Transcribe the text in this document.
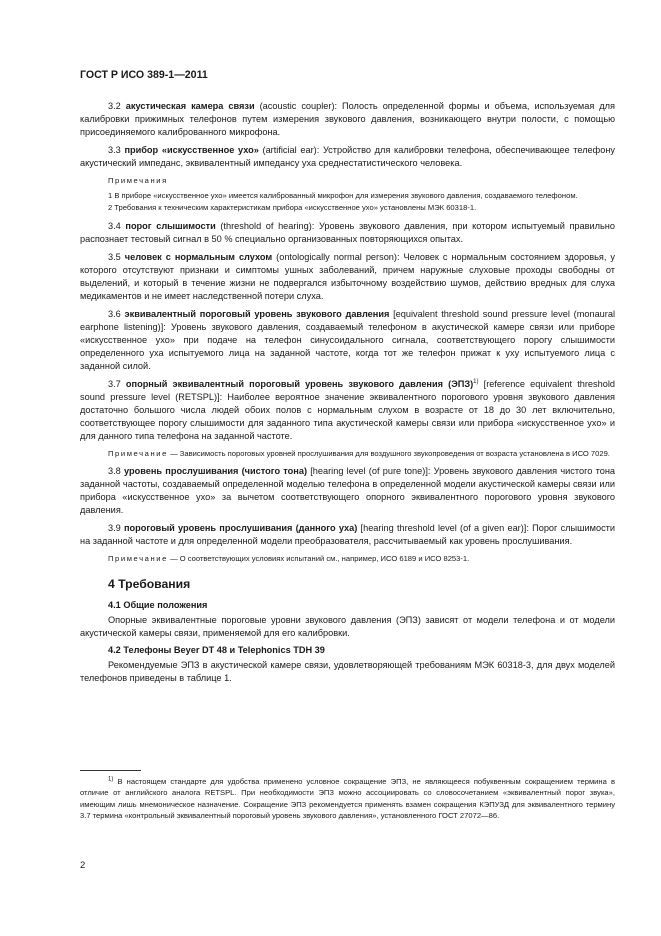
ГОСТ Р ИСО 389-1—2011

3.2 акустическая камера связи (acoustic coupler): Полость определенной формы и объема, используемая для калибровки прижимных телефонов путем измерения звукового давления, возникающего внутри полости, с помощью присоединяемого калиброванного микрофона.

3.3 прибор «искусственное ухо» (artificial ear): Устройство для калибровки телефона, обеспечивающее телефону акустический импеданс, эквивалентный импедансу уха среднестатистического человека.

Примечания

1 В приборе «искусственное ухо» имеется калиброванный микрофон для измерения звукового давления, создаваемого телефоном.

2 Требования к техническим характеристикам прибора «искусственное ухо» установлены МЭК 60318-1.

3.4 порог слышимости (threshold of hearing): Уровень звукового давления, при котором испытуемый правильно распознает тестовый сигнал в 50 % специально организованных повторяющихся опытах.

3.5 человек с нормальным слухом (ontologically normal person): Человек с нормальным состоянием здоровья, у которого отсутствуют признаки и симптомы ушных заболеваний, причем наружные слуховые проходы свободны от выделений, и который в течение жизни не подвергался избыточному воздействию шумов, действию вредных для слуха медикаментов и не имеет наследственной потери слуха.

3.6 эквивалентный пороговый уровень звукового давления [equivalent threshold sound pressure level (monaural earphone listening)]: Уровень звукового давления, создаваемый телефоном в акустической камере связи или приборе «искусственное ухо» при подаче на телефон синусоидального сигнала, соответствующего порогу слышимости определенного уха испытуемого лица на заданной частоте, когда тот же телефон прижат к уху испытуемого лица с заданной силой.

3.7 опорный эквивалентный пороговый уровень звукового давления (ЭПЗ)$^{1)}$ [reference equivalent threshold sound pressure level (RETSPL)]: Наиболее вероятное значение эквивалентного порогового уровня звукового давления достаточно большого числа людей обоих полов с нормальным слухом в возрасте от 18 до 30 лет включительно, соответствующее порогу слышимости для заданного типа акустической камеры связи или прибора «искусственное ухо» и для данного типа телефона на заданной частоте.

Примечание — Зависимость пороговых уровней прослушивания для воздушного звукопроведения от возраста установлена в ИСО 7029.

3.8 уровень прослушивания (чистого тона) [hearing level (of pure tone)]: Уровень звукового давления чистого тона заданной частоты, создаваемый определенной моделью телефона в определенной модели акустической камеры связи или прибора «искусственное ухо» за вычетом соответствующего опорного эквивалентного порогового уровня звукового давления.

3.9 пороговый уровень прослушивания (данного уха) [hearing threshold level (of a given ear)]: Порог слышимости на заданной частоте и для определенной модели преобразователя, рассчитываемый как уровень прослушивания.

Примечание — О соответствующих условиях испытаний см., например, ИСО 6189 и ИСО 8253-1.

4 Требования
4.1 Общие положения

Опорные эквивалентные пороговые уровни звукового давления (ЭПЗ) зависят от модели телефона и от модели акустической камеры связи, применяемой для его калибровки.

4.2 Телефоны Beyer DT 48 и Telephonics TDH 39

Рекомендуемые ЭПЗ в акустической камере связи, удовлетворяющей требованиям МЭК 60318-3, для двух моделей телефонов приведены в таблице 1.

$^{1)}$ В настоящем стандарте для удобства применено условное сокращение ЭПЗ, не являющееся побуквенным сокращением термина в отличие от английского аналога RETSPL. При необходимости ЭПЗ можно ассоциировать со словосочетанием «эквивалентный порог звука», имеющим лишь мнемоническое назначение. Сокращение ЭПЗ рекомендуется применять взамен сокращения КЭПУЗД для эквивалентного термину 3.7 термина «контрольный эквивалентный пороговый уровень звукового давления», установленного ГОСТ 27072—86.

2
